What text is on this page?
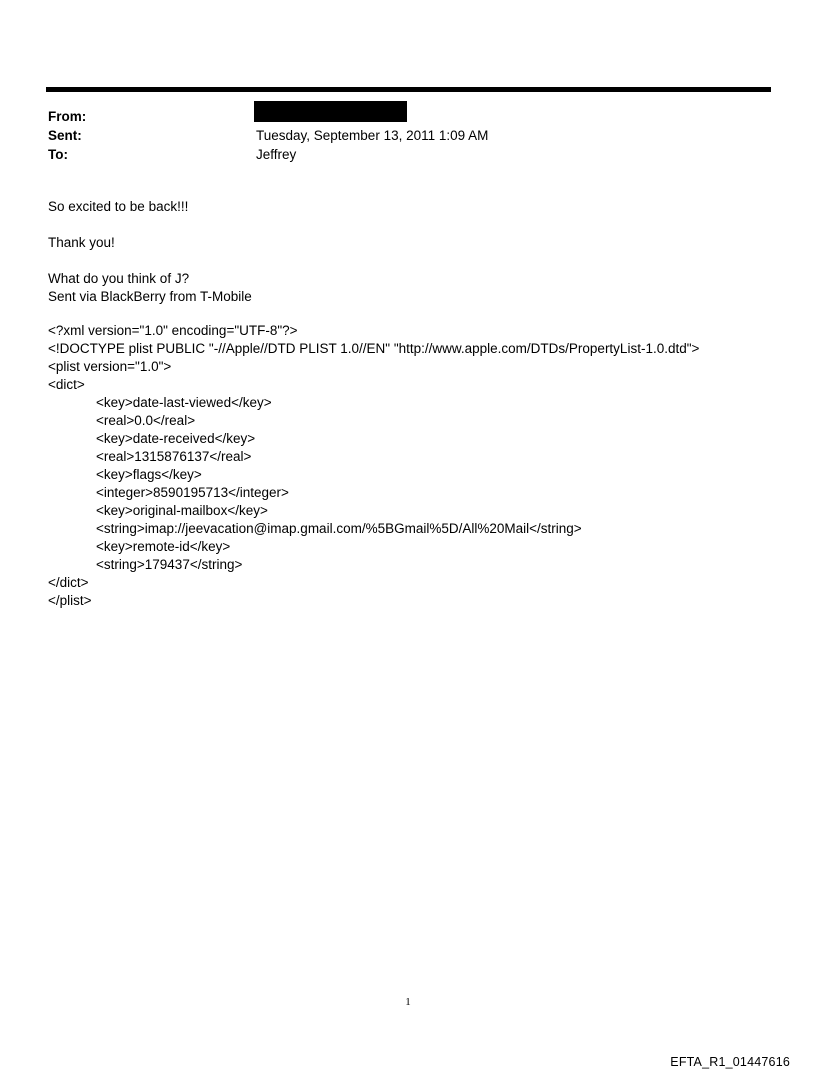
From:
Sent:	Tuesday, September 13, 2011 1:09 AM
To:	Jeffrey

So excited to be back!!!

Thank you!

What do you think of J?

Sent via BlackBerry from T-Mobile

<?xml version="1.0" encoding="UTF-8"?>
<!DOCTYPE plist PUBLIC "-//Apple//DTD PLIST 1.0//EN" "http://www.apple.com/DTDs/PropertyList-1.0.dtd">
<plist version="1.0">
<dict>
<key>date-last-viewed</key>
<real>0.0</real>
<key>date-received</key>
<real>1315876137</real>
<key>flags</key>
<integer>8590195713</integer>
<key>original-mailbox</key>
<string>imap://jeevacation@imap.gmail.com/%5BGmail%5D/All%20Mail</string>
<key>remote-id</key>
<string>179437</string>
</dict>
</plist>
1
EFTA_R1_01447616
